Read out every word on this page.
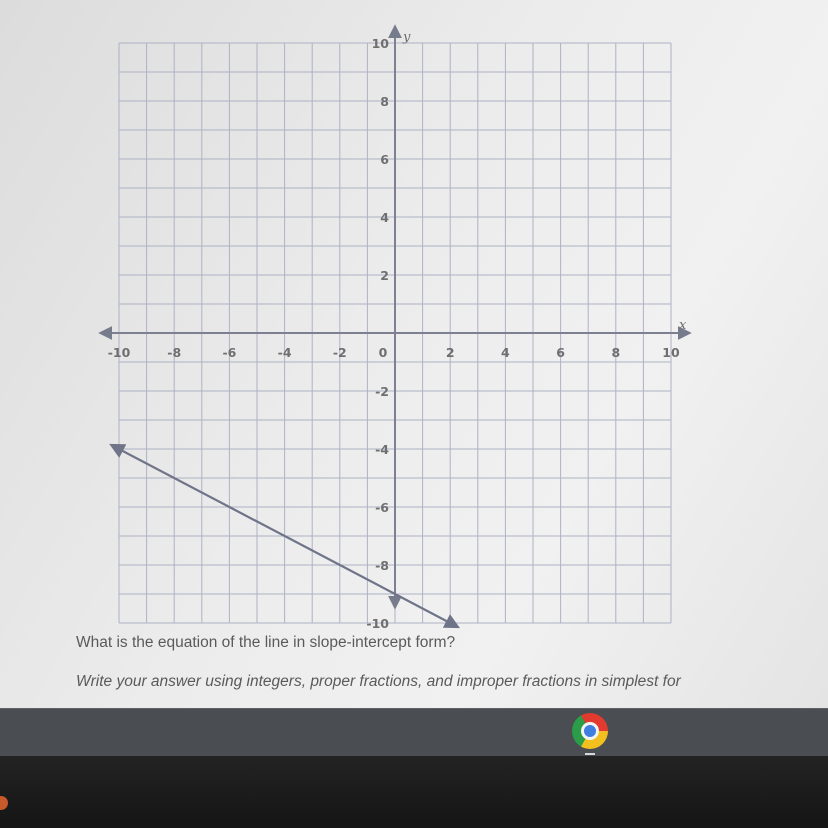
x
y
-10	-8	-6	-4	-2	0	2	4	6	8	10
10
8
6
4
2
-2
-4
-6
-8
-10
What is the equation of the line in slope-intercept form?
Write your answer using integers, proper fractions, and improper fractions in simplest for
